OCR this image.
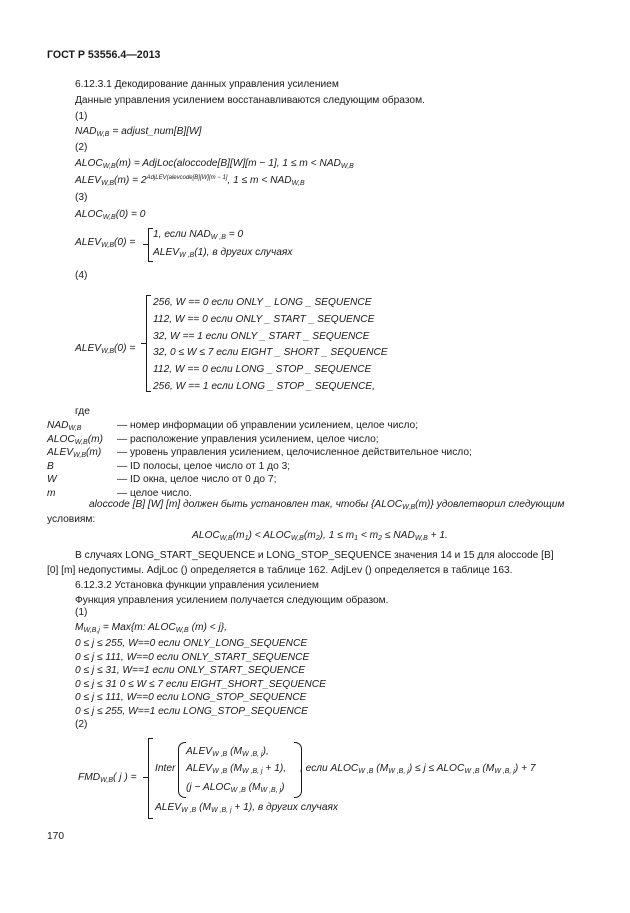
ГОСТ Р 53556.4—2013
6.12.3.1 Декодирование данных управления усилением
Данные управления усилением восстанавливаются следующим образом.
(1)
$NAD_{W,B}$ = adjust_num[B][W]
(2)
$ALOC_{W,B}(m)$ = AdjLoc(aloccode[B][W][m − 1], $1 \le m < NAD_{W,B}$
$ALEV_{W,B}(m) = 2^{AdjLEV(alevcode[B][W][m - 1]}$, $1 \le m < NAD_{W,B}$
(3)
$ALOC_{W,B}(0) = 0$
$ALEV_{W,B}(0)$ =
1, если $NAD_{W ,B} = 0$
$ALEV_{W ,B}(1)$, в других случаях
(4)
$ALEV_{W,B}(0)$ =
256, W == 0 если ONLY _ LONG _ SEQUENCE
112, W == 0 если ONLY _ START _ SEQUENCE
32, W == 1 если ONLY _ START _ SEQUENCE
32, 0 ≤ W ≤ 7 если EIGHT _ SHORT _ SEQUENCE
112, W == 0 если LONG _ STOP _ SEQUENCE
256, W == 1 если LONG _ STOP _ SEQUENCE,
где
$NAD_{W,B}$	— номер информации об управлении усилением, целое число;
$ALOC_{W,B}(m)$ — расположение управления усилением, целое число;
$ALEV_{W,B}(m)$ — уровень управления усилением, целочисленное действительное число;
B	— ID полосы, целое число от 1 до 3;
W	— ID окна, целое число от 0 до 7;
m	— целое число.
aloccode [B] [W] [m] должен быть установлен так, чтобы $\{ALOC_{W,B}(m)\}$ удовлетворил следующим
условиям:
$ALOC_{W,B}(m_1)$ < $ALOC_{W,B}(m_2)$, $1 \le m_1 < m_2 \le NAD_{W,B} + 1$.
В случаях LONG_START_SEQUENCE и LONG_STOP_SEQUENCE значения 14 и 15 для aloccode [B]
[0] [m] недопустимы. AdjLoc () определяется в таблице 162. AdjLev () определяется в таблице 163.
6.12.3.2 Установка функции управления усилением
Функция управления усилением получается следующим образом.
(1)
$M_{W,B,j} = Max\{m$: $ALOC_{W,B}$ (m) < j},
0 ≤ j ≤ 255, W==0 если ONLY_LONG_SEQUENCE
0 ≤ j ≤ 111, W==0 если ONLY_START_SEQUENCE
0 ≤ j ≤ 31, W==1 если ONLY_START_SEQUENCE
0 ≤ j ≤ 31 0 ≤ W ≤ 7 если EIGHT_SHORT_SEQUENCE
0 ≤ j ≤ 111, W==0 если LONG_STOP_SEQUENCE
0 ≤ j ≤ 255, W==1 если LONG_STOP_SEQUENCE
(2)
$FMD_{W,B}$( j ) =
Inter
$ALEV_{W ,B}$ $(M_{W ,B, j})$,
$ALEV_{W ,B}$ $(M_{W ,B, j} + 1)$,
($j - ALOC_{W ,B}$ $(M_{W ,B, j})$
, если $ALOC_{W ,B}$ $(M_{W ,B, j}) \le j$ ≤ $ALOC_{W ,B}$ $(M_{W ,B, j}) + 7$
$ALEV_{W ,B}$ $(M_{W ,B, j} + 1)$, в других случаях
170
